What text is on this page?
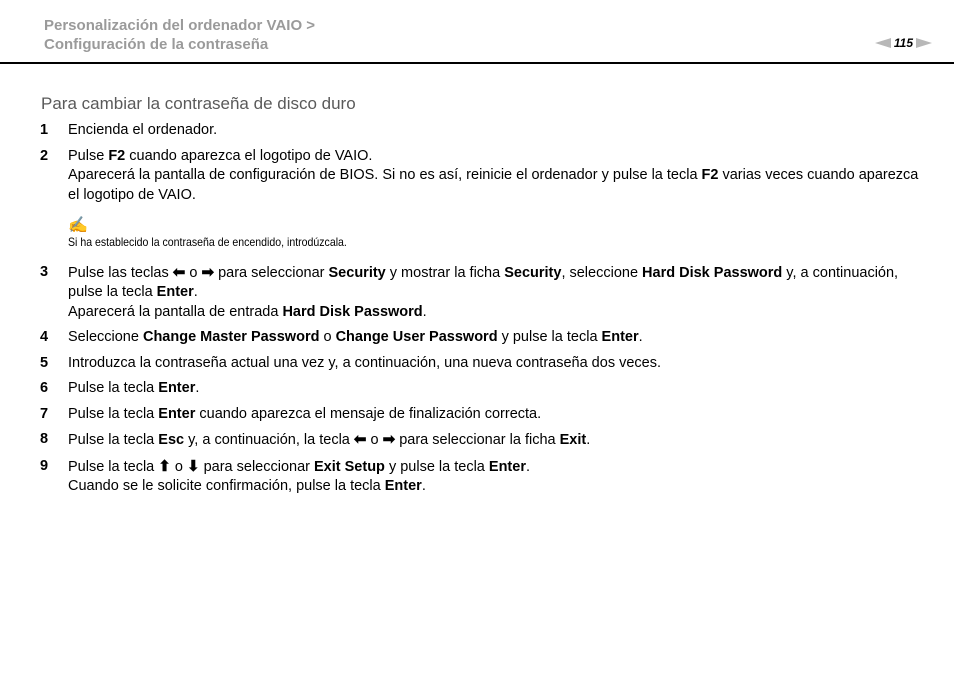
Personalización del ordenador VAIO >
Configuración de la contraseña	115
Para cambiar la contraseña de disco duro
1	Encienda el ordenador.
2	Pulse F2 cuando aparezca el logotipo de VAIO.
Aparecerá la pantalla de configuración de BIOS. Si no es así, reinicie el ordenador y pulse la tecla F2 varias veces cuando aparezca el logotipo de VAIO.
✍
Si ha establecido la contraseña de encendido, introdúzcala.
3	Pulse las teclas ⬅ o ➡ para seleccionar Security y mostrar la ficha Security, seleccione Hard Disk Password y, a continuación, pulse la tecla Enter.
Aparecerá la pantalla de entrada Hard Disk Password.
4	Seleccione Change Master Password o Change User Password y pulse la tecla Enter.
5	Introduzca la contraseña actual una vez y, a continuación, una nueva contraseña dos veces.
6	Pulse la tecla Enter.
7	Pulse la tecla Enter cuando aparezca el mensaje de finalización correcta.
8	Pulse la tecla Esc y, a continuación, la tecla ⬅ o ➡ para seleccionar la ficha Exit.
9	Pulse la tecla ⬆ o ⬇ para seleccionar Exit Setup y pulse la tecla Enter.
Cuando se le solicite confirmación, pulse la tecla Enter.
